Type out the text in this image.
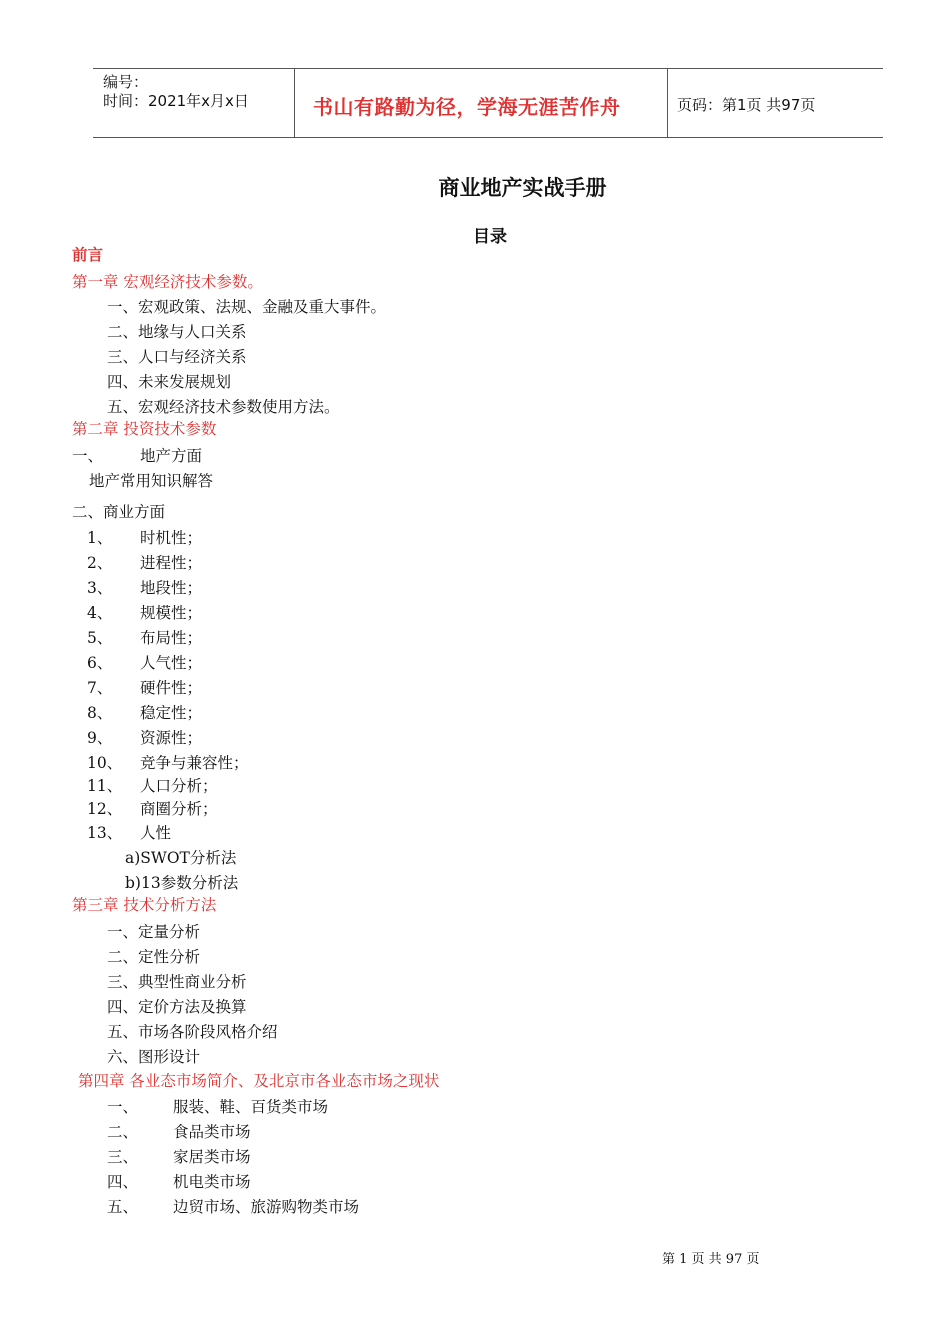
编号：
时间：2021年x月x日	书山有路勤为径，学海无涯苦作舟	页码：第1页 共97页
商业地产实战手册
目录
前言
第一章 宏观经济技术参数。
一、宏观政策、法规、金融及重大事件。
二、地缘与人口关系
三、人口与经济关系
四、未来发展规划
五、宏观经济技术参数使用方法。
第二章 投资技术参数
一、 地产方面
地产常用知识解答
二、商业方面
1、 时机性；
2、 进程性；
3、 地段性；
4、 规模性；
5、 布局性；
6、 人气性；
7、 硬件性；
8、 稳定性；
9、 资源性；
10、 竞争与兼容性；
11、 人口分析；
12、 商圈分析；
13、 人性
a)SWOT分析法
b)13参数分析法
第三章 技术分析方法
一、定量分析
二、定性分析
三、典型性商业分析
四、定价方法及换算
五、市场各阶段风格介绍
六、图形设计
第四章 各业态市场简介、及北京市各业态市场之现状
一、 服装、鞋、百货类市场
二、 食品类市场
三、 家居类市场
四、 机电类市场
五、 边贸市场、旅游购物类市场
第 1 页 共 97 页
